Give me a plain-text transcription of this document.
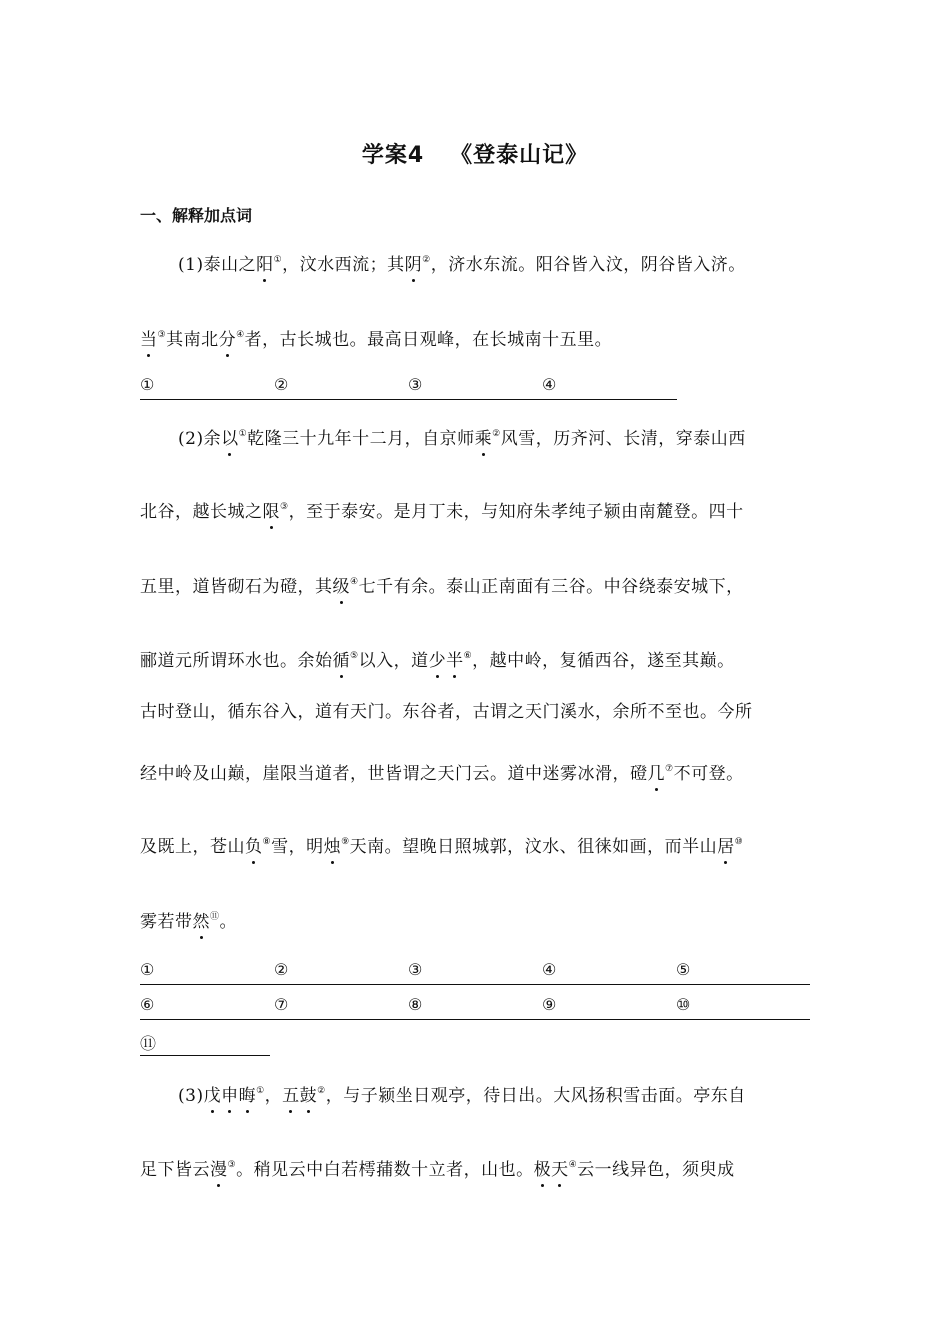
学案4 《登泰山记》
一、解释加点词
(1)泰山之阳①，汶水西流；其阴②，济水东流。阳谷皆入汶，阴谷皆入济。
当③其南北分④者，古长城也。最高日观峰，在长城南十五里。
①	②	③	④
(2)余以①乾隆三十九年十二月，自京师乘②风雪，历齐河、长清，穿泰山西
北谷，越长城之限③，至于泰安。是月丁未，与知府朱孝纯子颍由南麓登。四十
五里，道皆砌石为磴，其级④七千有余。泰山正南面有三谷。中谷绕泰安城下，
郦道元所谓环水也。余始循⑤以入，道少半⑥，越中岭，复循西谷，遂至其巅。
古时登山，循东谷入，道有天门。东谷者，古谓之天门溪水，余所不至也。今所
经中岭及山巅，崖限当道者，世皆谓之天门云。道中迷雾冰滑，磴几⑦不可登。
及既上，苍山负⑧雪，明烛⑨天南。望晚日照城郭，汶水、徂徕如画，而半山居⑩
雾若带然⑪。
①	②	③	④	⑤
⑥	⑦	⑧	⑨	⑩
⑪
(3)戊申晦①，五鼓②，与子颍坐日观亭，待日出。大风扬积雪击面。亭东自
足下皆云漫③。稍见云中白若樗蒱数十立者，山也。极天④云一线异色，须臾成
